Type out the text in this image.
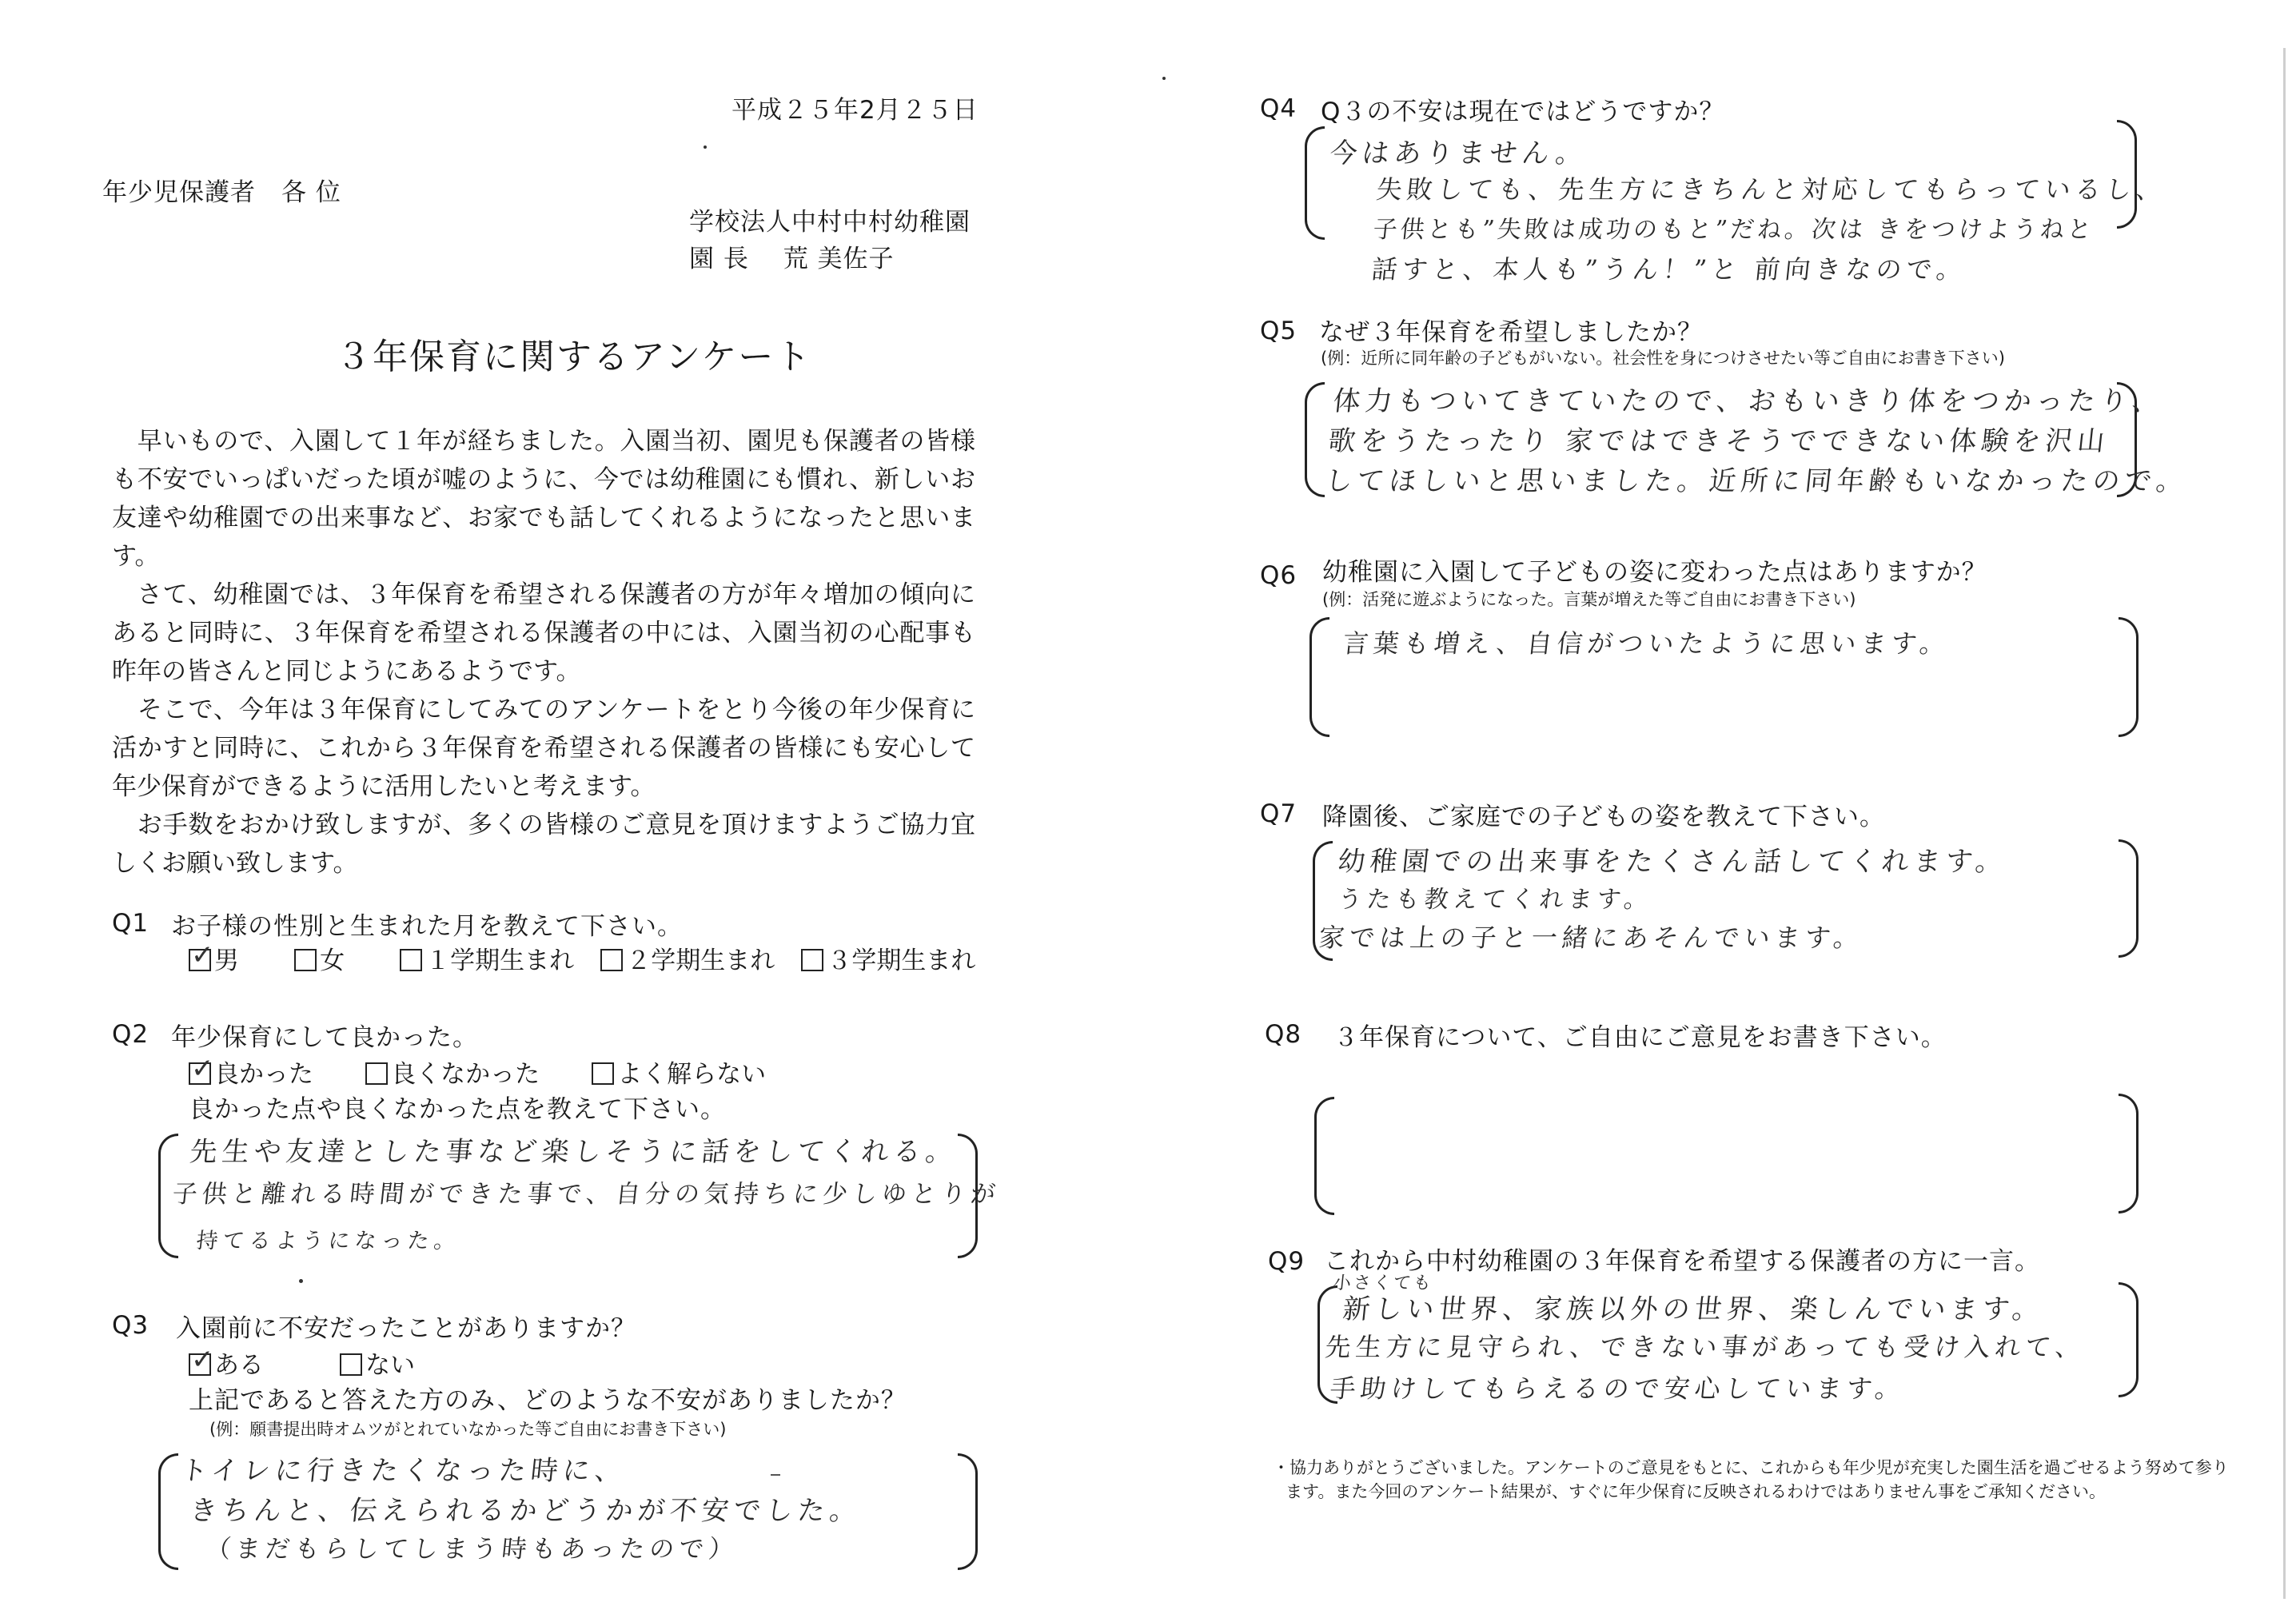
平成２５年2月２５日
年少児保護者　各 位
学校法人中村中村幼稚園
園 長　 荒 美佐子
３年保育に関するアンケート
　早いもので、入園して１年が経ちました。入園当初、園児も保護者の皆様も不安でいっぱいだった頃が嘘のように、今では幼稚園にも慣れ、新しいお友達や幼稚園での出来事など、お家でも話してくれるようになったと思います。
　さて、幼稚園では、３年保育を希望される保護者の方が年々増加の傾向にあると同時に、３年保育を希望される保護者の中には、入園当初の心配事も昨年の皆さんと同じようにあるようです。
　そこで、今年は３年保育にしてみてのアンケートをとり今後の年少保育に活かすと同時に、これから３年保育を希望される保護者の皆様にも安心して年少保育ができるように活用したいと考えます。
　お手数をおかけ致しますが、多くの皆様のご意見を頂けますようご協力宜しくお願い致します。
Q1 お子様の性別と生まれた月を教えて下さい。
✓男	女	１学期生まれ ２学期生まれ ３学期生まれ
Q2 年少保育にして良かった。
✓良かった	良くなかった	よく解らない
良かった点や良くなかった点を教えて下さい。
先生や友達とした事など楽しそうに話をしてくれる。
子供と離れる時間ができた事で、自分の気持ちに少しゆとりが
持てるようになった。
Q3 入園前に不安だったことがありますか？
✓ある	ない
上記であると答えた方のみ、どのような不安がありましたか？
(例：願書提出時オムツがとれていなかった等ご自由にお書き下さい)
トイレに行きたくなった時に、
きちんと、伝えられるかどうかが不安でした。
（まだもらしてしまう時もあったので）
Q4 Q３の不安は現在ではどうですか？
今はありません。
失敗しても、先生方にきちんと対応してもらっているし、
子供とも”失敗は成功のもと”だね。次は きをつけようねと
話すと、本人も”うん！”と 前向きなので。
Q5 なぜ３年保育を希望しましたか？
(例：近所に同年齢の子どもがいない。社会性を身につけさせたい等ご自由にお書き下さい)
体力もついてきていたので、おもいきり体をつかったり、
歌をうたったり 家ではできそうでできない体験を沢山
してほしいと思いました。近所に同年齢もいなかったので。
Q6 幼稚園に入園して子どもの姿に変わった点はありますか？
(例：活発に遊ぶようになった。言葉が増えた等ご自由にお書き下さい)
言葉も増え、自信がついたように思います。
Q7 降園後、ご家庭での子どもの姿を教えて下さい。
幼稚園での出来事をたくさん話してくれます。
うたも教えてくれます。
家では上の子と一緒にあそんでいます。
Q8 ３年保育について、ご自由にご意見をお書き下さい。
Q9 これから中村幼稚園の３年保育を希望する保護者の方に一言。
小さくても
新しい世界、家族以外の世界、楽しんでいます。
先生方に見守られ、できない事があっても受け入れて、
手助けしてもらえるので安心しています。
・協力ありがとうございました。アンケートのご意見をもとに、これからも年少児が充実した園生活を過ごせるよう努めて参り
ます。また今回のアンケート結果が、すぐに年少保育に反映されるわけではありません事をご承知ください。
